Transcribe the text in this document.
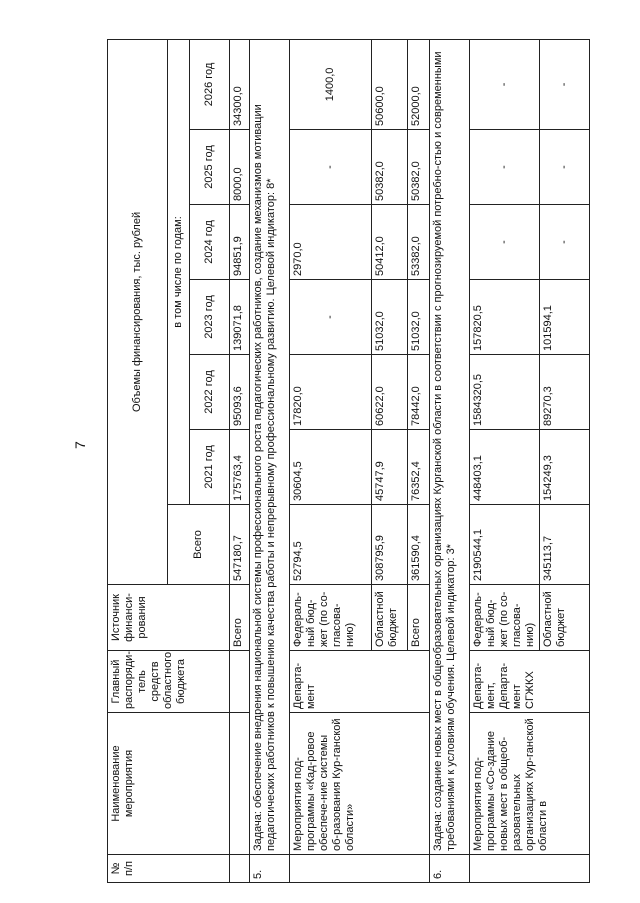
7
№ п/п	Наименование мероприятия	Главный распоряди-тель средств областного бюджета	Источник финанси-рования	Объемы финансирования, тыс. рублей						
				Всего	в том числе по годам:					
					2021 год	2022 год	2023 год	2024 год	2025 год	2026 год
			Всего	547180,7	175763,4	95093,6	139071,8	94851,9	8000,0	34300,0
5.	Задача: обеспечение внедрения национальной системы профессионального роста педагогических работников, создание механизмов мотивации педагогических работников к повышению качества работы и непрерывному профессиональному развитию. Целевой индикатор: 8*									
	Мероприятия под-программы «Кад-ровое обеспече-ние системы об-разования Кур-ганской области»	Департа-мент	Федераль-ный бюд-жет (по со-гласова-нию)	52794,5	30604,5	17820,0	-	2970,0	-	1400,0
			Областной бюджет	308795,9	45747,9	60622,0	51032,0	50412,0	50382,0	50600,0
			Всего	361590,4	76352,4	78442,0	51032,0	53382,0	50382,0	52000,0
6.	Задача: создание новых мест в общеобразовательных организациях Курганской области в соответствии с прогнозируемой потребно-стью и современными требованиями к условиям обучения. Целевой индикатор: 3*									
	Мероприятия под-программы «Со-здание новых мест в общеоб-разовательных организациях Кур-ганской области в	Департа-мент, Департа-мент СГЖКХ	Федераль-ный бюд-жет (по со-гласова-нию)	2190544,1	448403,1	1584320,5	157820,5	-	-	-
			Областной бюджет	345113,7	154249,3	89270,3	101594,1	-	-	-
